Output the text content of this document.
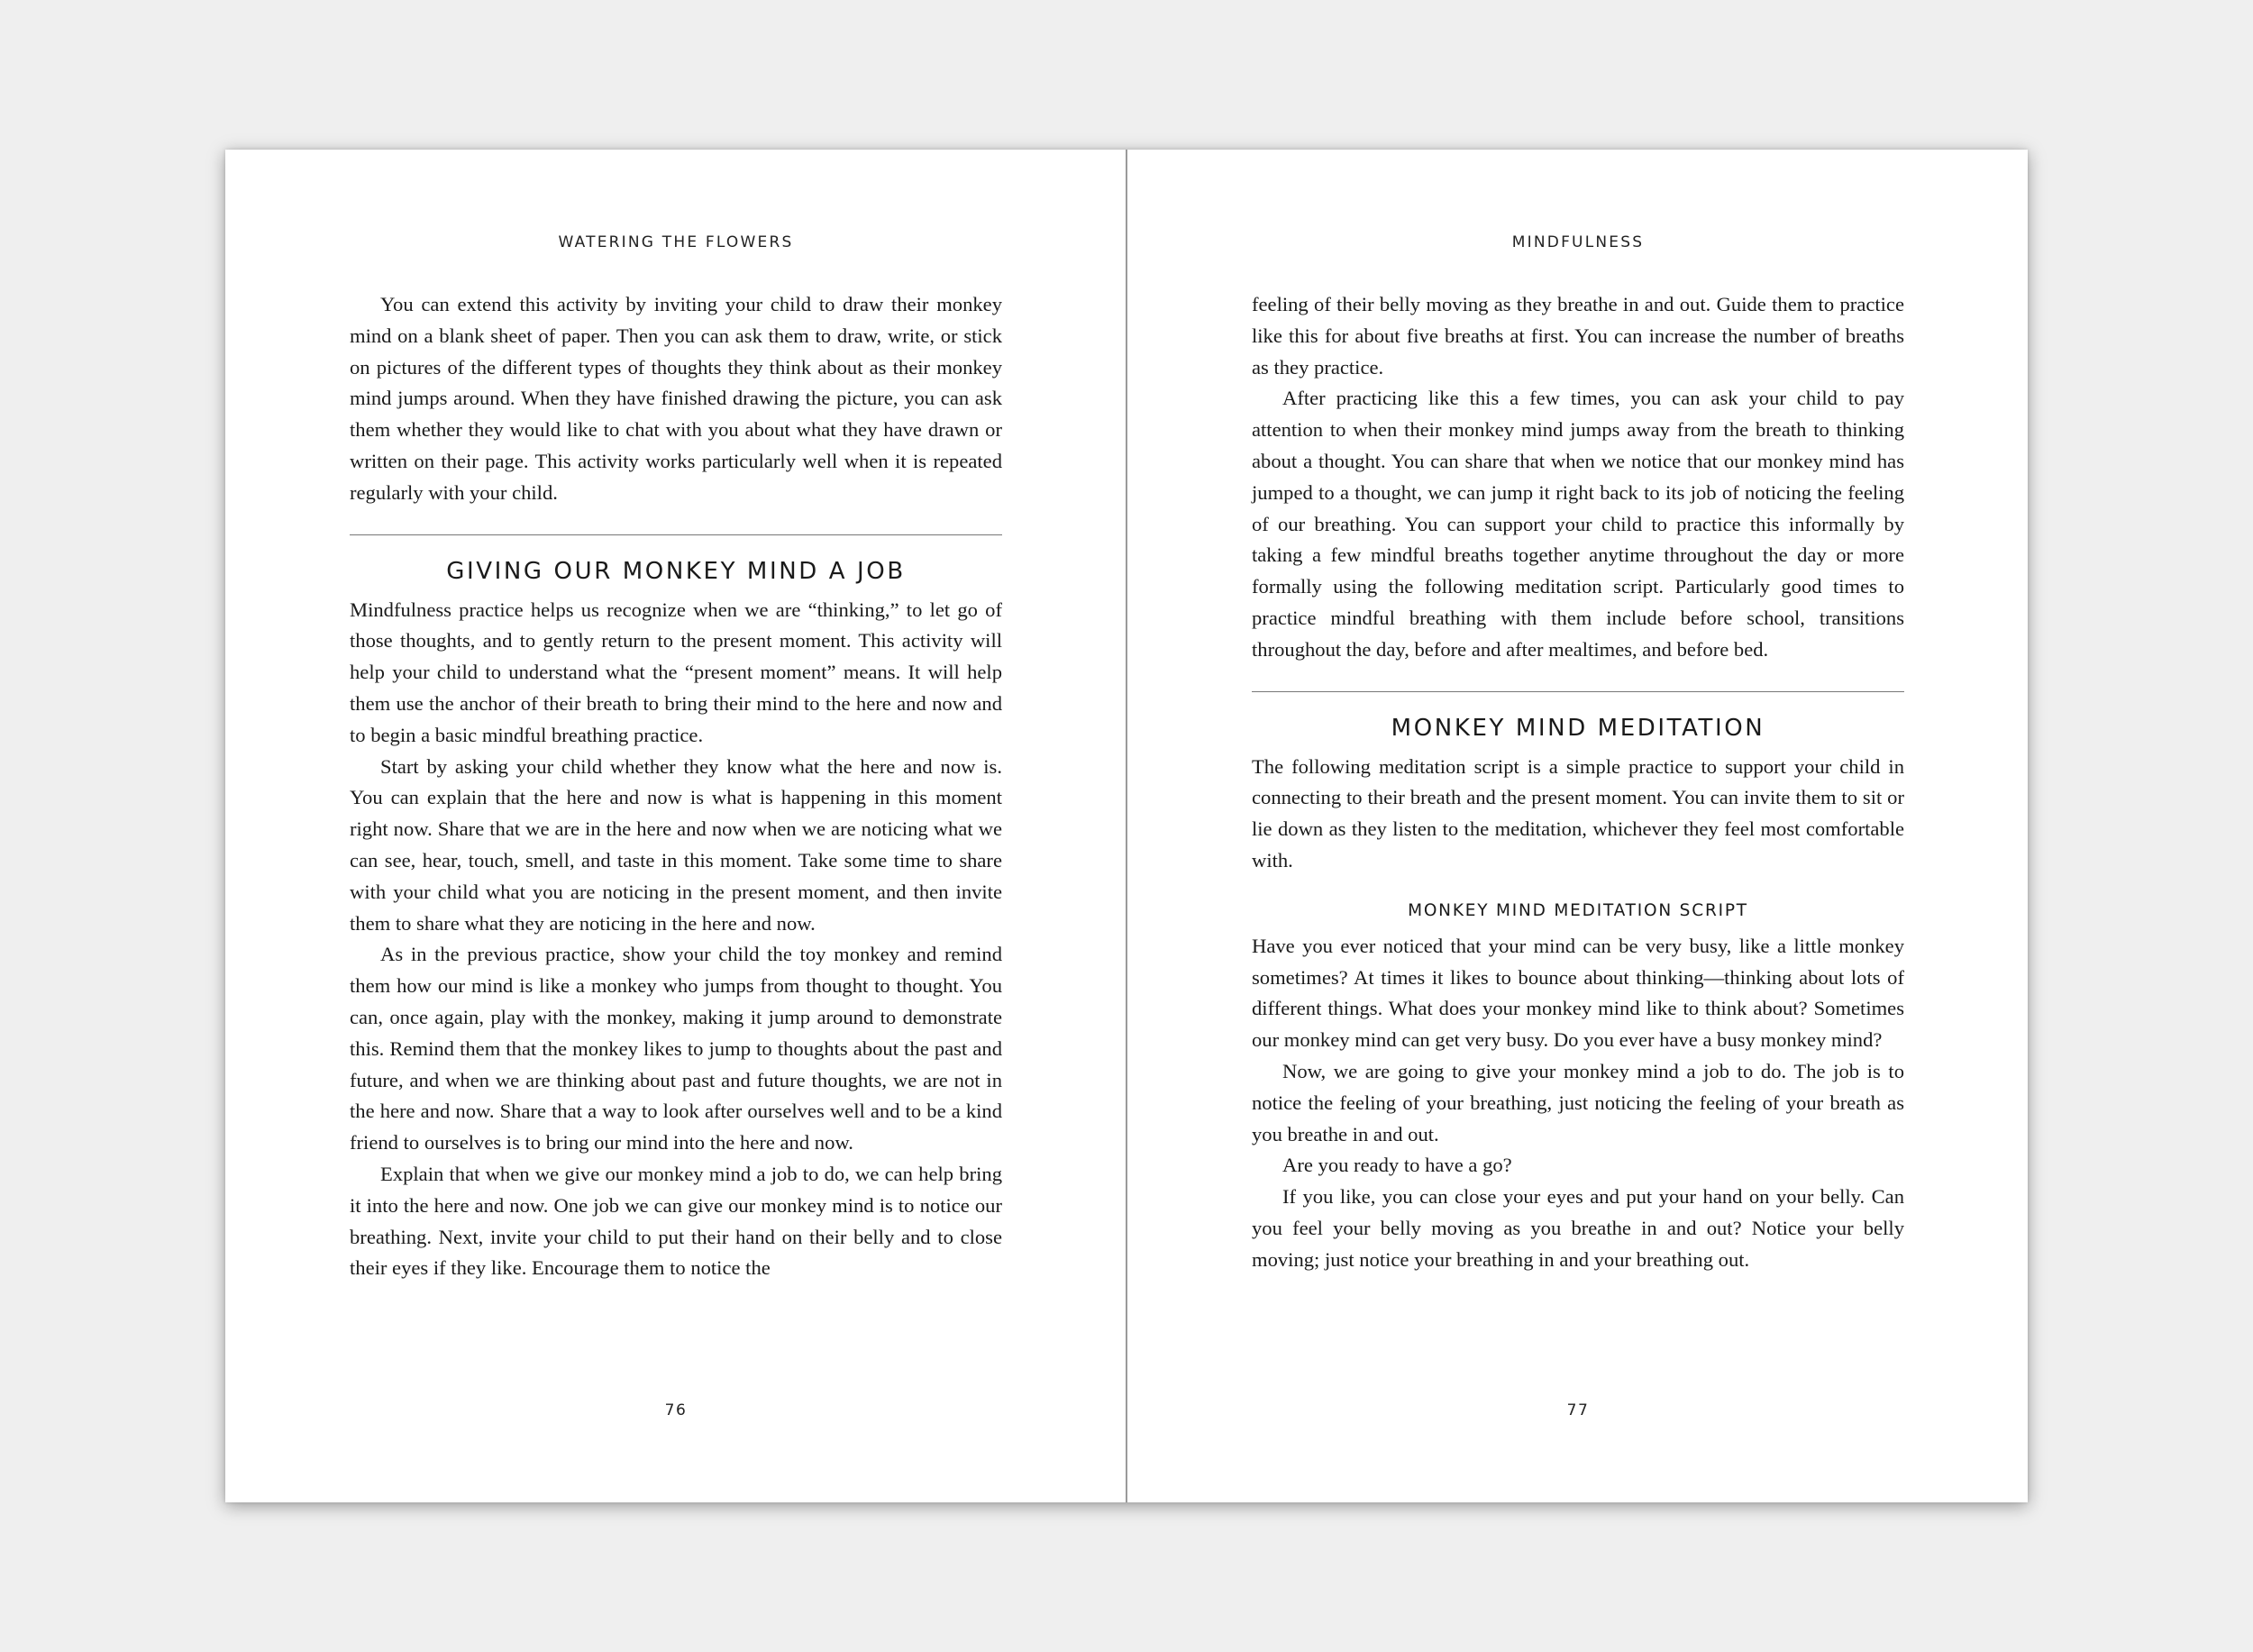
WATERING THE FLOWERS

You can extend this activity by inviting your child to draw their monkey mind on a blank sheet of paper. Then you can ask them to draw, write, or stick on pictures of the different types of thoughts they think about as their monkey mind jumps around. When they have finished drawing the picture, you can ask them whether they would like to chat with you about what they have drawn or written on their page. This activity works particularly well when it is repeated regularly with your child.

GIVING OUR MONKEY MIND A JOB

Mindfulness practice helps us recognize when we are “thinking,” to let go of those thoughts, and to gently return to the present moment. This activity will help your child to understand what the “present moment” means. It will help them use the anchor of their breath to bring their mind to the here and now and to begin a basic mindful breathing practice.

Start by asking your child whether they know what the here and now is. You can explain that the here and now is what is happening in this moment right now. Share that we are in the here and now when we are noticing what we can see, hear, touch, smell, and taste in this moment. Take some time to share with your child what you are noticing in the present moment, and then invite them to share what they are noticing in the here and now.

As in the previous practice, show your child the toy monkey and remind them how our mind is like a monkey who jumps from thought to thought. You can, once again, play with the monkey, making it jump around to demonstrate this. Remind them that the monkey likes to jump to thoughts about the past and future, and when we are thinking about past and future thoughts, we are not in the here and now. Share that a way to look after ourselves well and to be a kind friend to ourselves is to bring our mind into the here and now.

Explain that when we give our monkey mind a job to do, we can help bring it into the here and now. One job we can give our monkey mind is to notice our breathing. Next, invite your child to put their hand on their belly and to close their eyes if they like. Encourage them to notice the

76
MINDFULNESS

feeling of their belly moving as they breathe in and out. Guide them to practice like this for about five breaths at first. You can increase the number of breaths as they practice.

After practicing like this a few times, you can ask your child to pay attention to when their monkey mind jumps away from the breath to thinking about a thought. You can share that when we notice that our monkey mind has jumped to a thought, we can jump it right back to its job of noticing the feeling of our breathing. You can support your child to practice this informally by taking a few mindful breaths together anytime throughout the day or more formally using the following meditation script. Particularly good times to practice mindful breathing with them include before school, transitions throughout the day, before and after mealtimes, and before bed.

MONKEY MIND MEDITATION

The following meditation script is a simple practice to support your child in connecting to their breath and the present moment. You can invite them to sit or lie down as they listen to the meditation, whichever they feel most comfortable with.

MONKEY MIND MEDITATION SCRIPT

Have you ever noticed that your mind can be very busy, like a little monkey sometimes? At times it likes to bounce about thinking—thinking about lots of different things. What does your monkey mind like to think about? Sometimes our monkey mind can get very busy. Do you ever have a busy monkey mind?

Now, we are going to give your monkey mind a job to do. The job is to notice the feeling of your breathing, just noticing the feeling of your breath as you breathe in and out.

Are you ready to have a go?

If you like, you can close your eyes and put your hand on your belly. Can you feel your belly moving as you breathe in and out? Notice your belly moving; just notice your breathing in and your breathing out.

77
